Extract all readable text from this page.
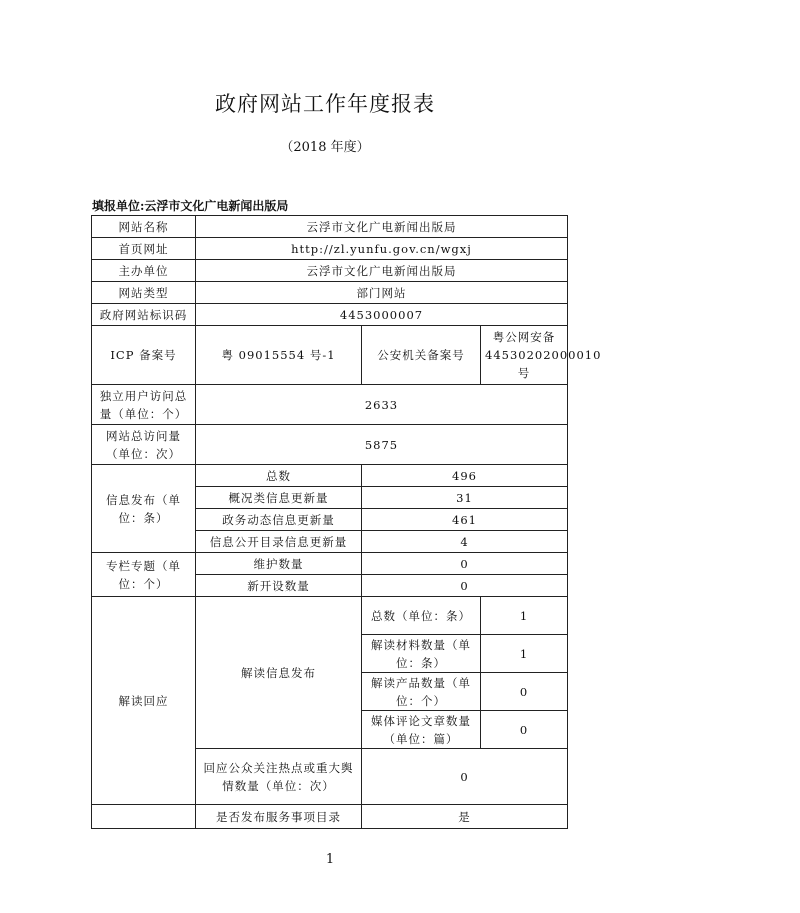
政府网站工作年度报表
（2018 年度）
填报单位:云浮市文化广电新闻出版局
网站名称	云浮市文化广电新闻出版局		
首页网址	http://zl.yunfu.gov.cn/wgxj		
主办单位	云浮市文化广电新闻出版局		
网站类型	部门网站		
政府网站标识码	4453000007		
ICP 备案号	粤 09015554 号-1	公安机关备案号	粤公网安备 44530202000010 号
独立用户访问总量（单位：个）	2633		
网站总访问量（单位：次）	5875		
信息发布（单位：条）	总数	496	
	概况类信息更新量	31	
	政务动态信息更新量	461	
	信息公开目录信息更新量	4	
专栏专题（单位：个）	维护数量	0	
	新开设数量	0	
解读回应	解读信息发布	总数（单位：条）	1
		解读材料数量（单位：条）	1
		解读产品数量（单位：个）	0
		媒体评论文章数量（单位：篇）	0
	回应公众关注热点或重大舆情数量（单位：次）	0	
	是否发布服务事项目录	是	
1
